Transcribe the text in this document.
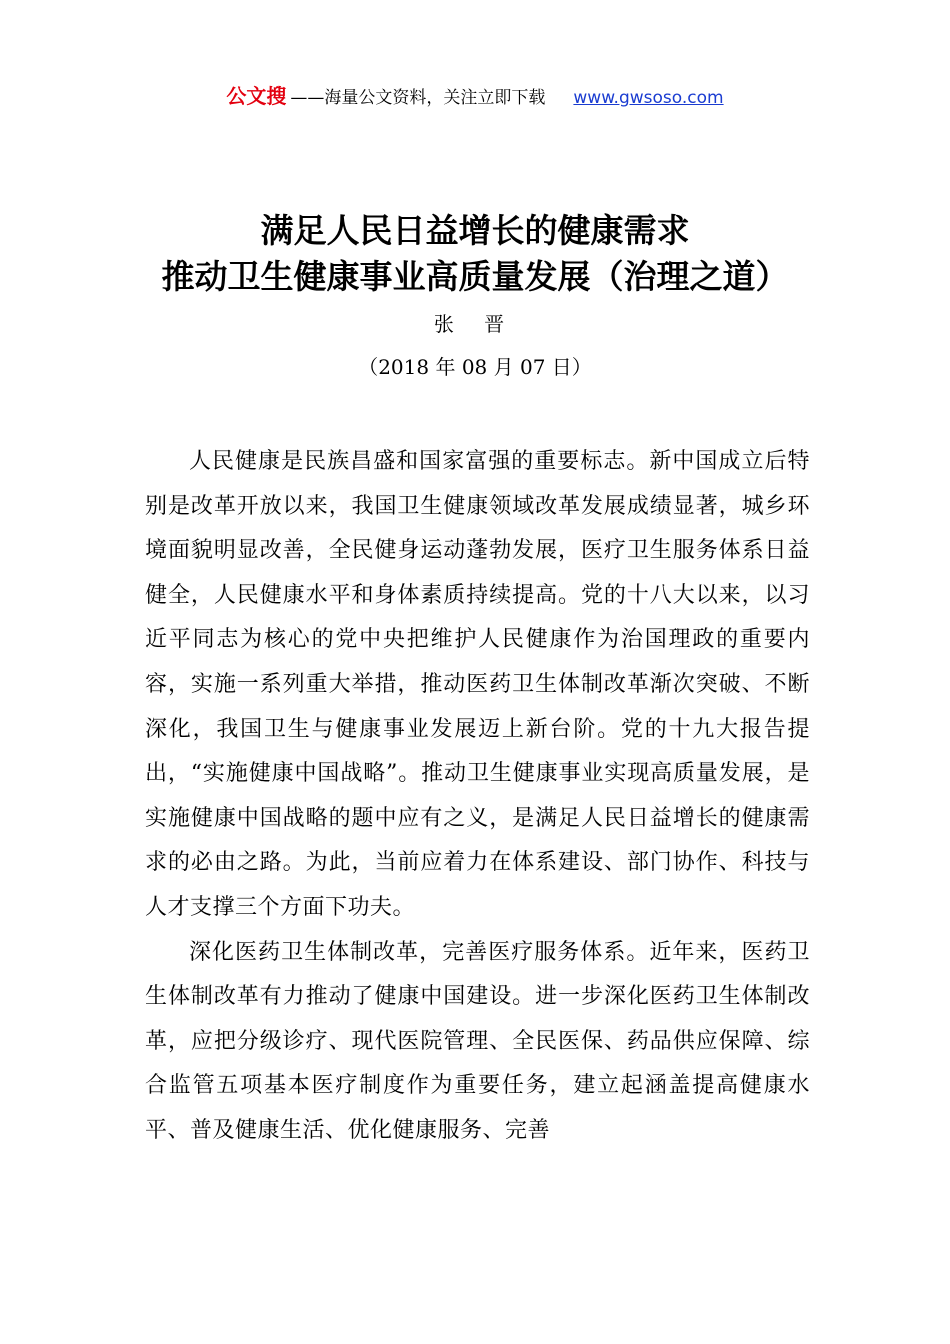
公文搜 ——海量公文资料，关注立即下载 www.gwsoso.com
满足人民日益增长的健康需求
推动卫生健康事业高质量发展（治理之道）
张 晋
（2018 年 08 月 07 日）

人民健康是民族昌盛和国家富强的重要标志。新中国成立后特别是改革开放以来，我国卫生健康领域改革发展成绩显著，城乡环境面貌明显改善，全民健身运动蓬勃发展，医疗卫生服务体系日益健全，人民健康水平和身体素质持续提高。党的十八大以来，以习近平同志为核心的党中央把维护人民健康作为治国理政的重要内容，实施一系列重大举措，推动医药卫生体制改革渐次突破、不断深化，我国卫生与健康事业发展迈上新台阶。党的十九大报告提出，“实施健康中国战略”。推动卫生健康事业实现高质量发展，是实施健康中国战略的题中应有之义，是满足人民日益增长的健康需求的必由之路。为此，当前应着力在体系建设、部门协作、科技与人才支撑三个方面下功夫。

深化医药卫生体制改革，完善医疗服务体系。近年来，医药卫生体制改革有力推动了健康中国建设。进一步深化医药卫生体制改革，应把分级诊疗、现代医院管理、全民医保、药品供应保障、综合监管五项基本医疗制度作为重要任务，建立起涵盖提高健康水平、普及健康生活、优化健康服务、完善
